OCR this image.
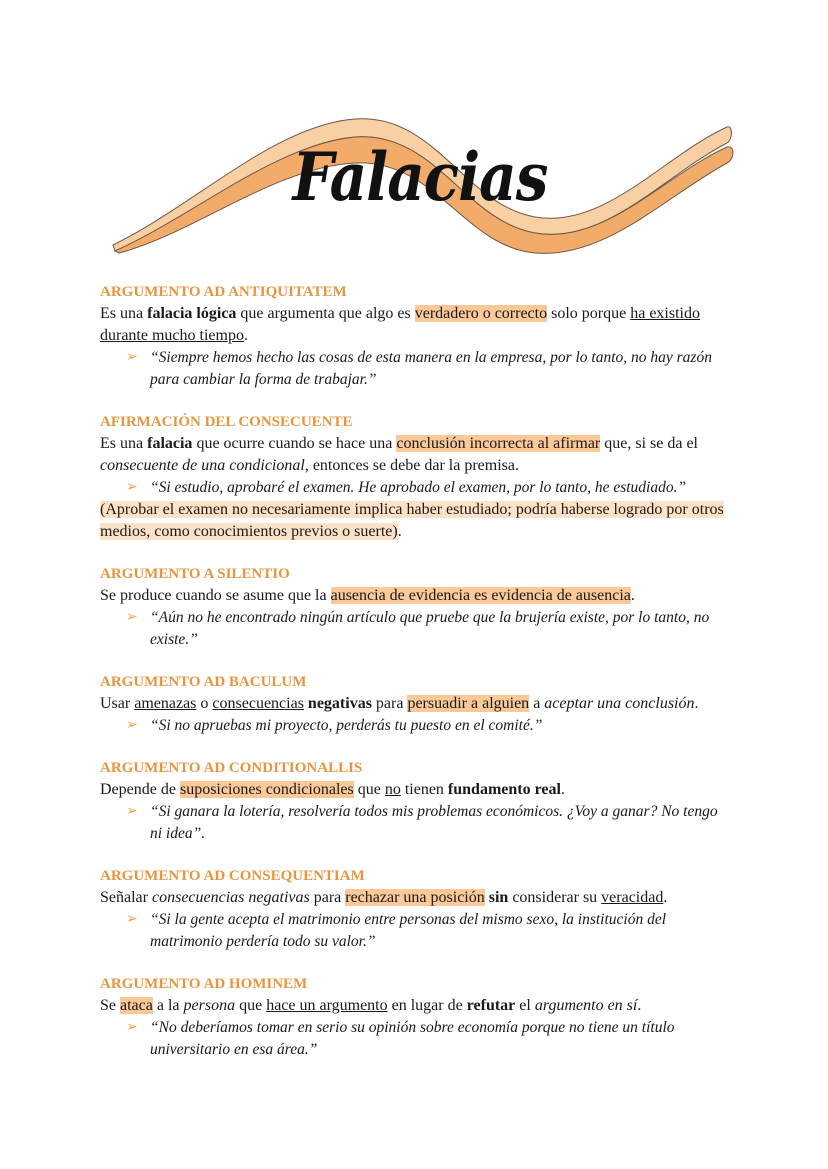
Falacias

ARGUMENTO AD ANTIQUITATEM

Es una falacia lógica que argumenta que algo es verdadero o correcto solo porque ha existido durante mucho tiempo.

➢ “Siempre hemos hecho las cosas de esta manera en la empresa, por lo tanto, no hay razón para cambiar la forma de trabajar.”

AFIRMACIÓN DEL CONSECUENTE

Es una falacia que ocurre cuando se hace una conclusión incorrecta al afirmar que, si se da el consecuente de una condicional, entonces se debe dar la premisa.

➢ “Si estudio, aprobaré el examen. He aprobado el examen, por lo tanto, he estudiado.”

(Aprobar el examen no necesariamente implica haber estudiado; podría haberse logrado por otros medios, como conocimientos previos o suerte).

ARGUMENTO A SILENTIO

Se produce cuando se asume que la ausencia de evidencia es evidencia de ausencia.

➢ “Aún no he encontrado ningún artículo que pruebe que la brujería existe, por lo tanto, no existe.”

ARGUMENTO AD BACULUM

Usar amenazas o consecuencias negativas para persuadir a alguien a aceptar una conclusión.

➢ “Si no apruebas mi proyecto, perderás tu puesto en el comité.”

ARGUMENTO AD CONDITIONALLIS

Depende de suposiciones condicionales que no tienen fundamento real.

➢ “Si ganara la lotería, resolvería todos mis problemas económicos. ¿Voy a ganar? No tengo ni idea”.

ARGUMENTO AD CONSEQUENTIAM

Señalar consecuencias negativas para rechazar una posición sin considerar su veracidad.

➢ “Si la gente acepta el matrimonio entre personas del mismo sexo, la institución del matrimonio perdería todo su valor.”

ARGUMENTO AD HOMINEM

Se ataca a la persona que hace un argumento en lugar de refutar el argumento en sí.

➢ “No deberíamos tomar en serio su opinión sobre economía porque no tiene un título universitario en esa área.”
